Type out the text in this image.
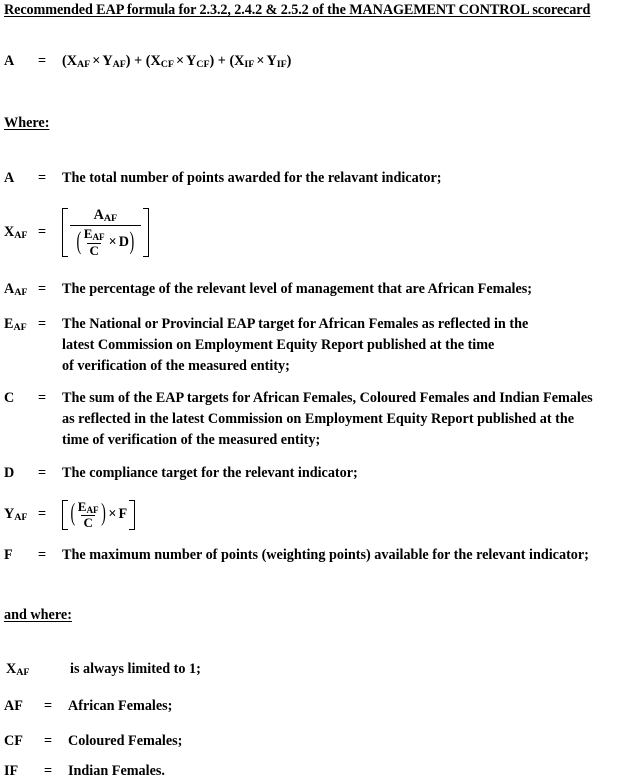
Recommended EAP formula for 2.3.2, 2.4.2 & 2.5.2 of the MANAGEMENT CONTROL scorecard
A	=	$(X_{AF} \times Y_{AF}) + (X_{CF} \times Y_{CF}) + (X_{IF} \times Y_{IF})$
Where:
A	=	The total number of points awarded for the relavant indicator;
$X_{AF}$ =	$\frac{A_{AF}}{( \frac{E_{AF}}{C} \times D )}$
$A_{AF}$ =	The percentage of the relevant level of management that are African Females;
$E_{AF}$ =	The National or Provincial EAP target for African Females as reflected in the
latest Commission on Employment Equity Report published at the time
of verification of the measured entity;
C	=	The sum of the EAP targets for African Females, Coloured Females and Indian Females
as reflected in the latest Commission on Employment Equity Report published at the
time of verification of the measured entity;
D	=	The compliance target for the relevant indicator;
$Y_{AF}$ =	( $\frac{E_{AF}}{C}$ ) × F
F	=	The maximum number of points (weighting points) available for the relevant indicator;
and where:
$X_{AF}$	is always limited to 1;
AF	=	African Females;
CF	=	Coloured Females;
IF	=	Indian Females.
